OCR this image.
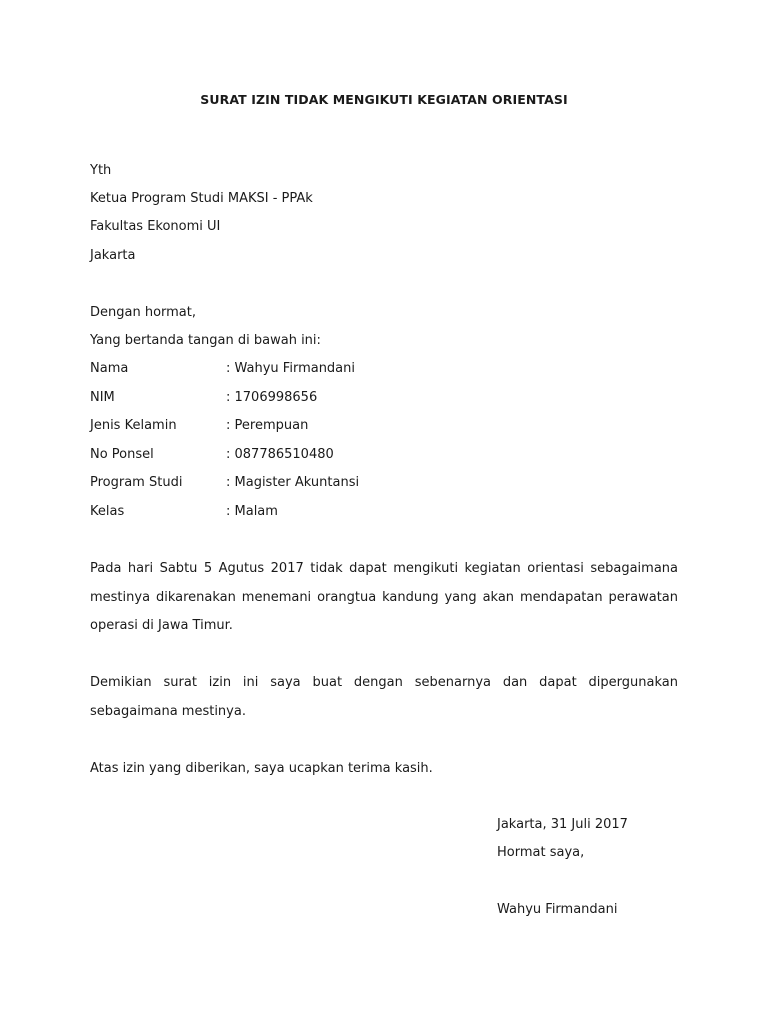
SURAT IZIN TIDAK MENGIKUTI KEGIATAN ORIENTASI
Yth
Ketua Program Studi MAKSI - PPAk
Fakultas Ekonomi UI
Jakarta
Dengan hormat,
Yang bertanda tangan di bawah ini:
Nama	: Wahyu Firmandani
NIM	: 1706998656
Jenis Kelamin	: Perempuan
No Ponsel	: 087786510480
Program Studi	: Magister Akuntansi
Kelas	: Malam
Pada hari Sabtu 5 Agutus 2017 tidak dapat mengikuti kegiatan orientasi sebagaimana mestinya dikarenakan menemani orangtua kandung yang akan mendapatan perawatan operasi di Jawa Timur.
Demikian surat izin ini saya buat dengan sebenarnya dan dapat dipergunakan sebagaimana mestinya.
Atas izin yang diberikan, saya ucapkan terima kasih.
Jakarta, 31 Juli 2017
Hormat saya,
Wahyu Firmandani
